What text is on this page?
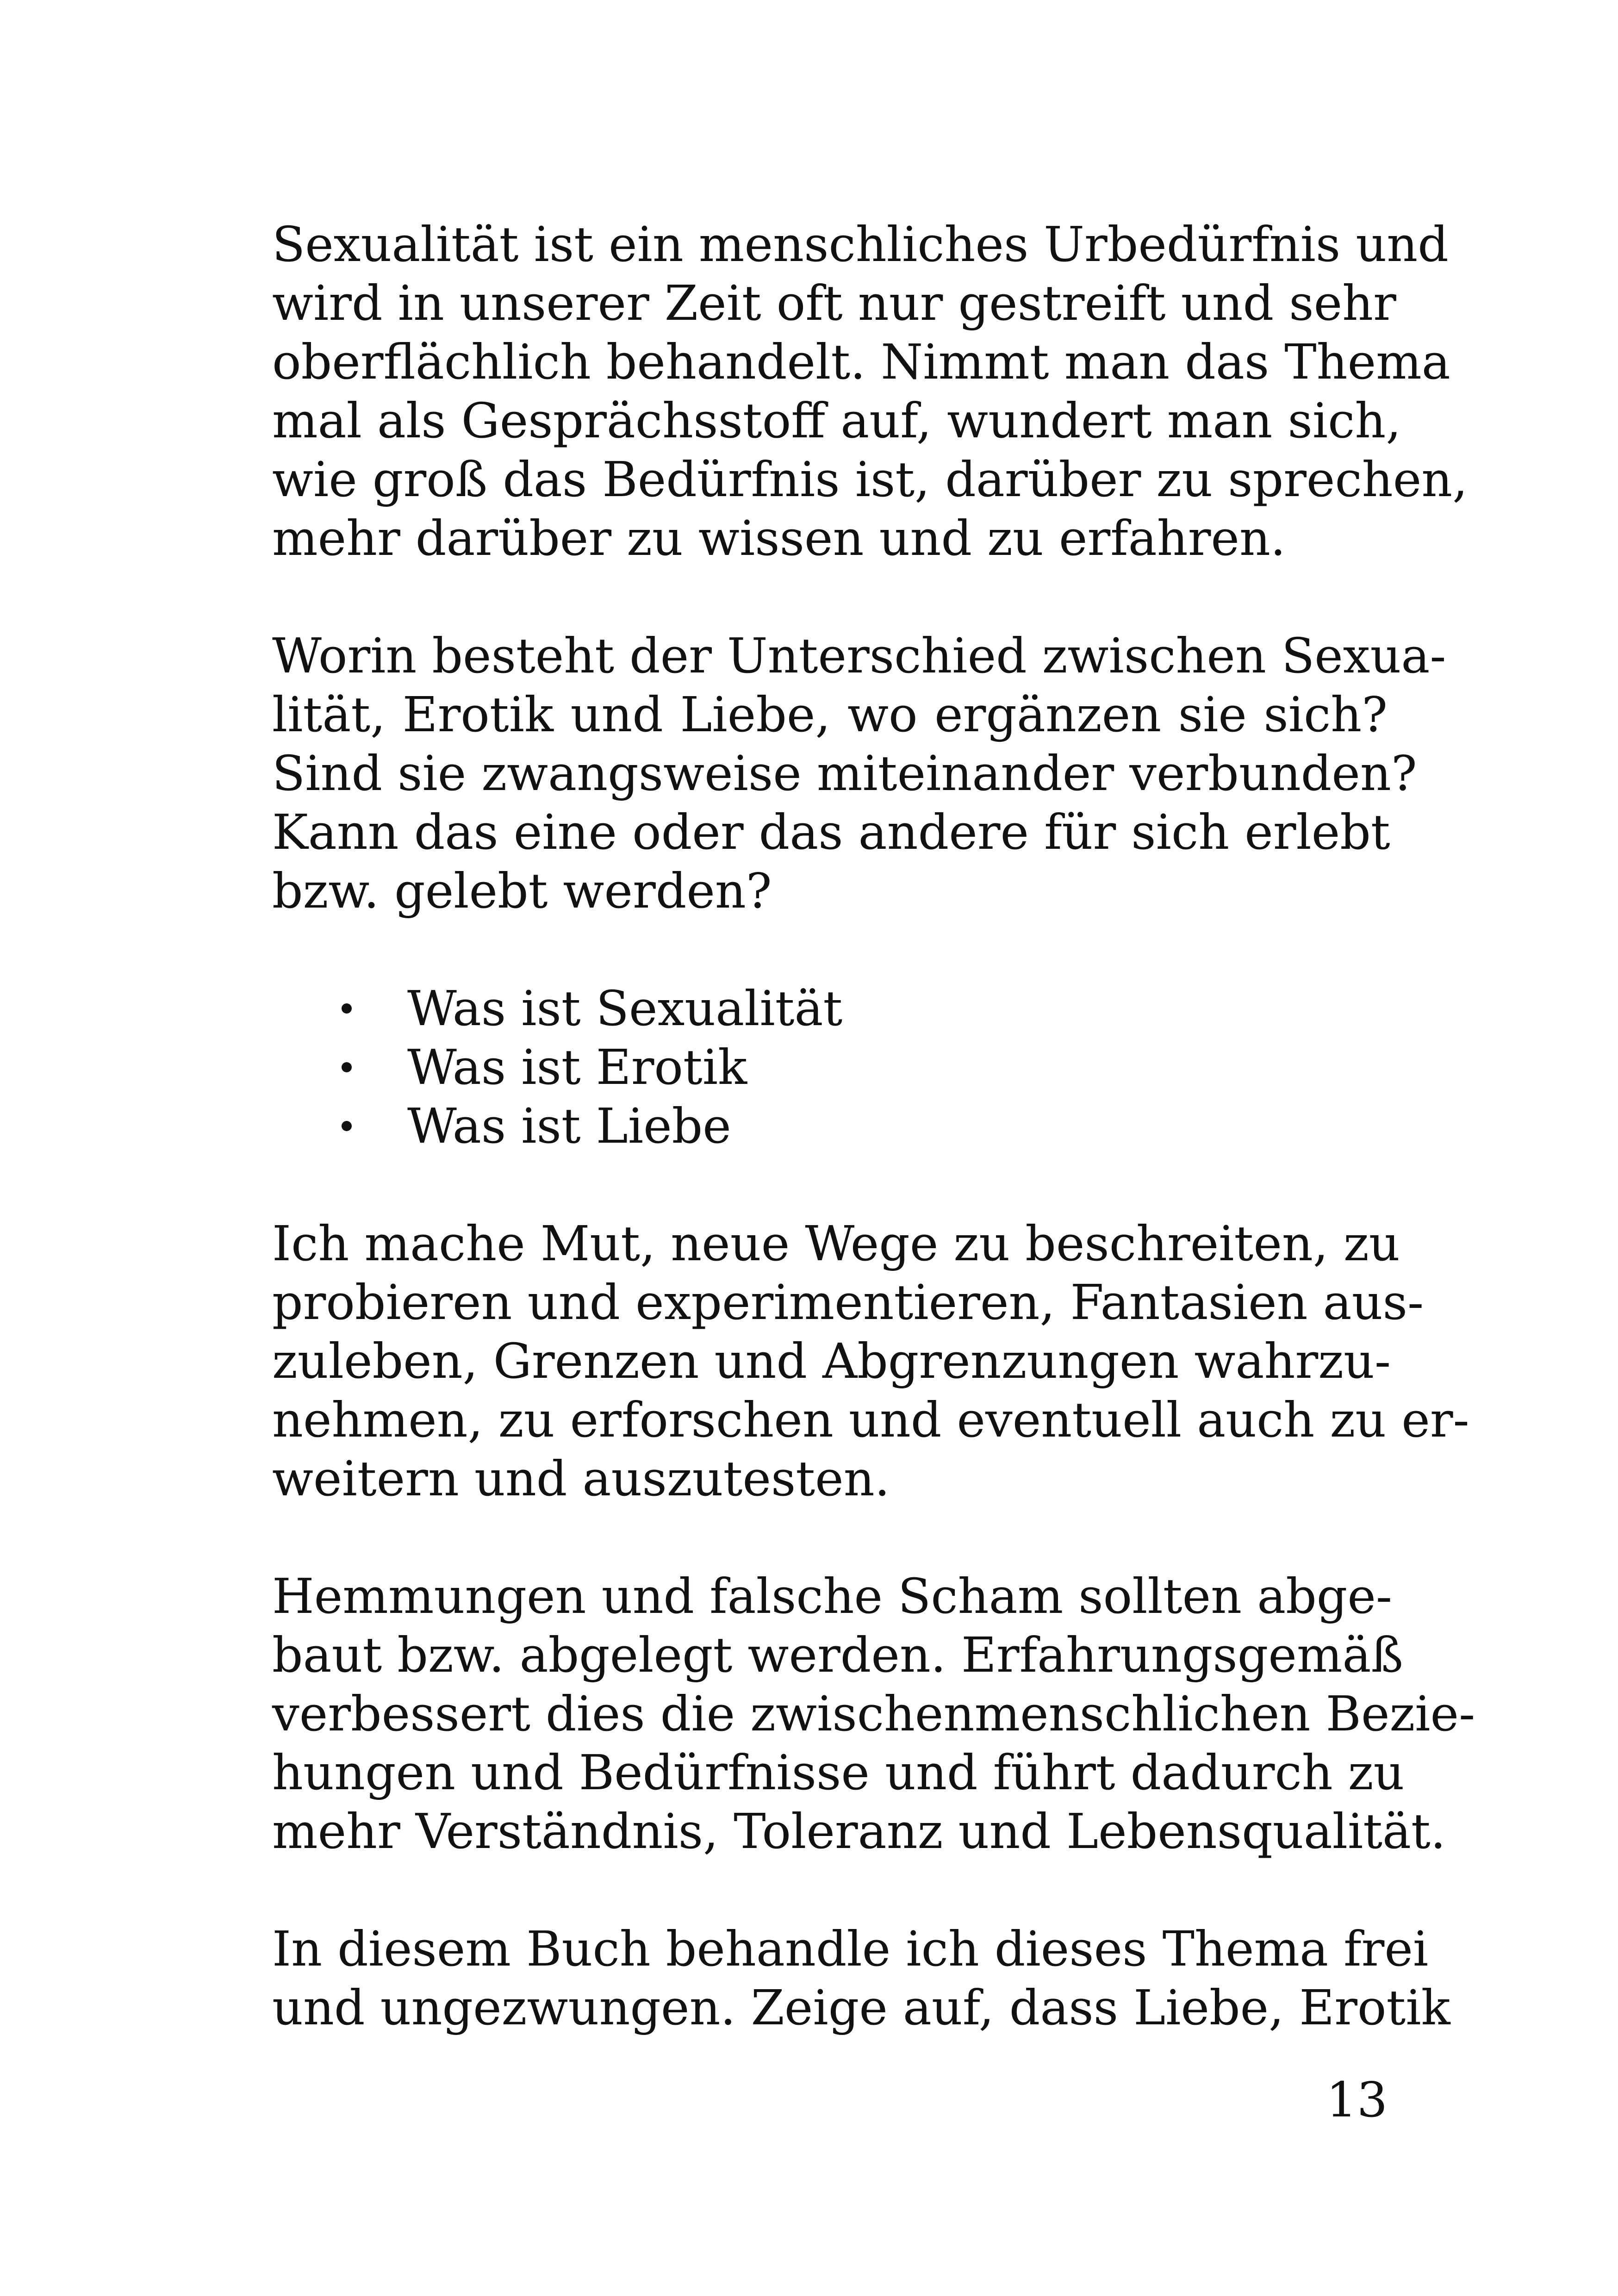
Sexualität ist ein menschliches Urbedürfnis und
wird in unserer Zeit oft nur gestreift und sehr
oberflächlich behandelt. Nimmt man das Thema
mal als Gesprächsstoff auf, wundert man sich,
wie groß das Bedürfnis ist, darüber zu sprechen,
mehr darüber zu wissen und zu erfahren.

Worin besteht der Unterschied zwischen Sexua-
lität, Erotik und Liebe, wo ergänzen sie sich?
Sind sie zwangsweise miteinander verbunden?
Kann das eine oder das andere für sich erlebt
bzw. gelebt werden?

Was ist Sexualität
Was ist Erotik
Was ist Liebe

Ich mache Mut, neue Wege zu beschreiten, zu
probieren und experimentieren, Fantasien aus-
zuleben, Grenzen und Abgrenzungen wahrzu-
nehmen, zu erforschen und eventuell auch zu er-
weitern und auszutesten.

Hemmungen und falsche Scham sollten abge-
baut bzw. abgelegt werden. Erfahrungsgemäß
verbessert dies die zwischenmenschlichen Bezie-
hungen und Bedürfnisse und führt dadurch zu
mehr Verständnis, Toleranz und Lebensqualität.

In diesem Buch behandle ich dieses Thema frei
und ungezwungen. Zeige auf, dass Liebe, Erotik

13
